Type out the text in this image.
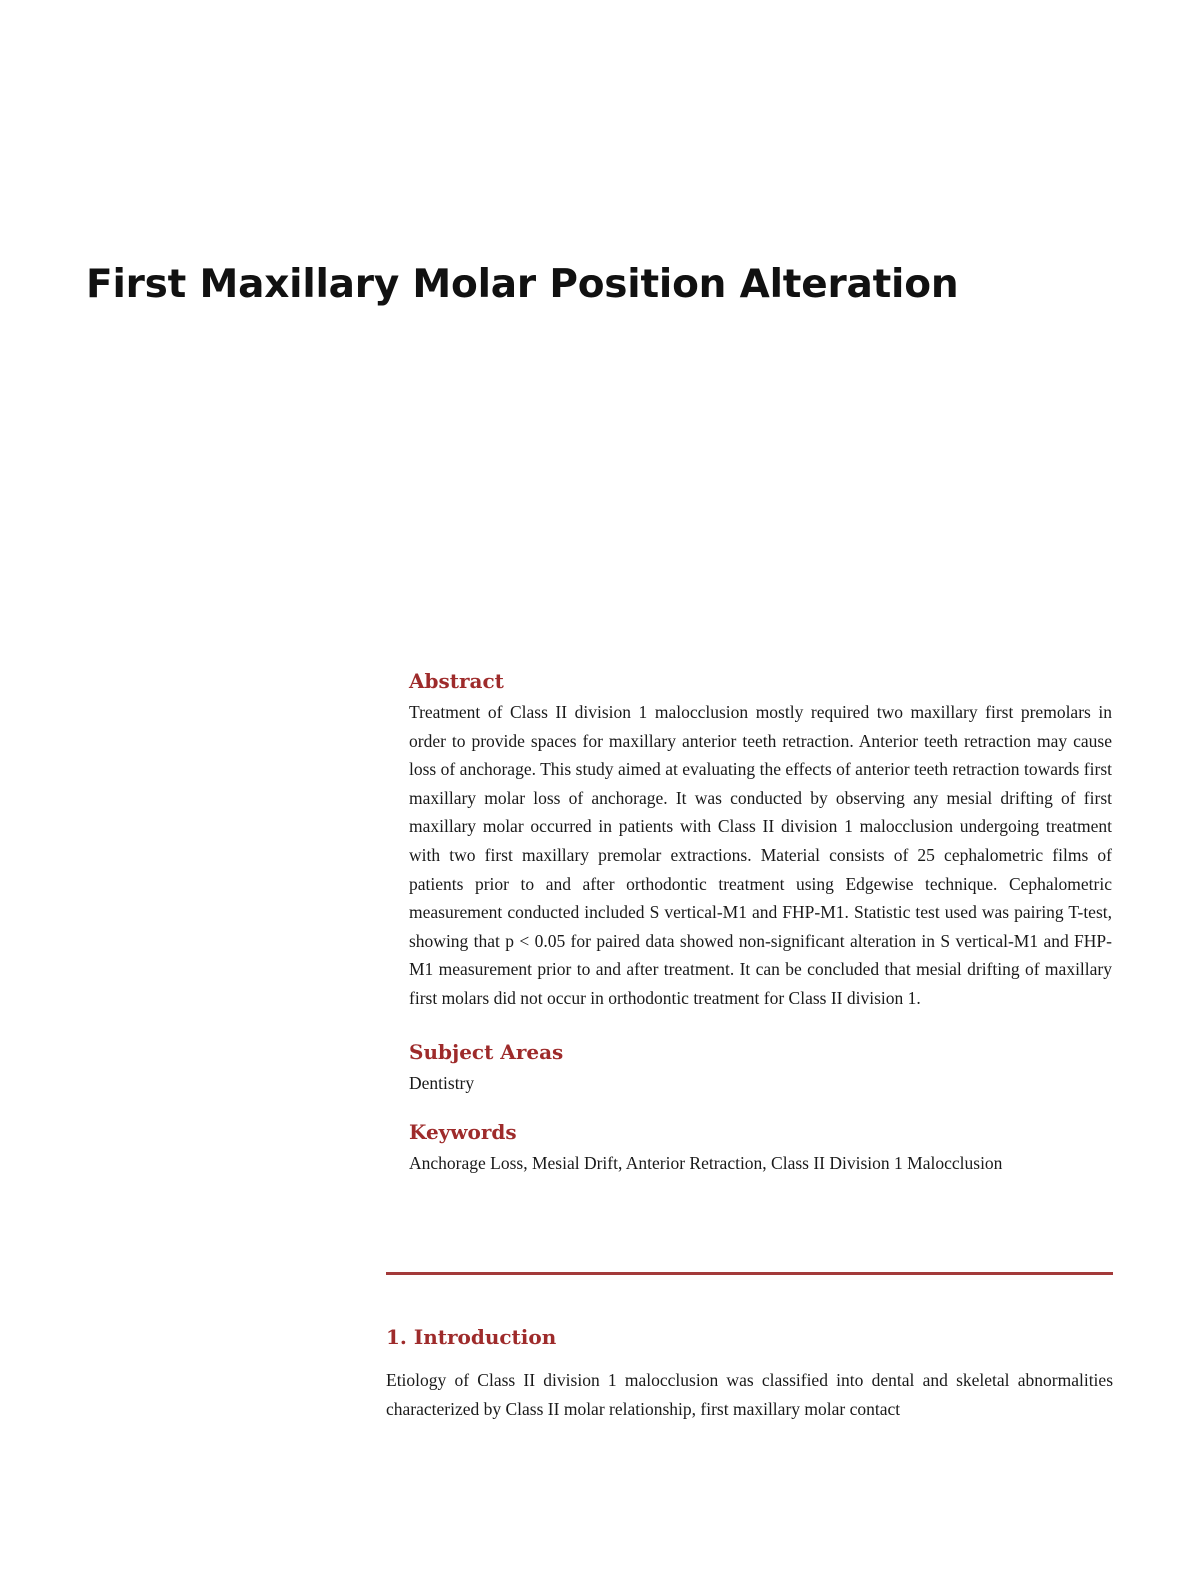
First Maxillary Molar Position Alteration
Abstract

Treatment of Class II division 1 malocclusion mostly required two maxillary first premolars in order to provide spaces for maxillary anterior teeth retraction. Anterior teeth retraction may cause loss of anchorage. This study aimed at evaluating the effects of anterior teeth retraction towards first maxillary molar loss of anchorage. It was conducted by observing any mesial drifting of first maxillary molar occurred in patients with Class II division 1 malocclusion undergoing treatment with two first maxillary premolar extractions. Material consists of 25 cephalometric films of patients prior to and after orthodontic treatment using Edgewise technique. Cephalometric measurement conducted included S vertical-M1 and FHP-M1. Statistic test used was pairing T-test, showing that p < 0.05 for paired data showed non-significant alteration in S vertical-M1 and FHP-M1 measurement prior to and after treatment. It can be concluded that mesial drifting of maxillary first molars did not occur in orthodontic treatment for Class II division 1.

Subject Areas

Dentistry

Keywords

Anchorage Loss, Mesial Drift, Anterior Retraction, Class II Division 1 Malocclusion

1. Introduction

Etiology of Class II division 1 malocclusion was classified into dental and skeletal abnormalities characterized by Class II molar relationship, first maxillary molar contact
